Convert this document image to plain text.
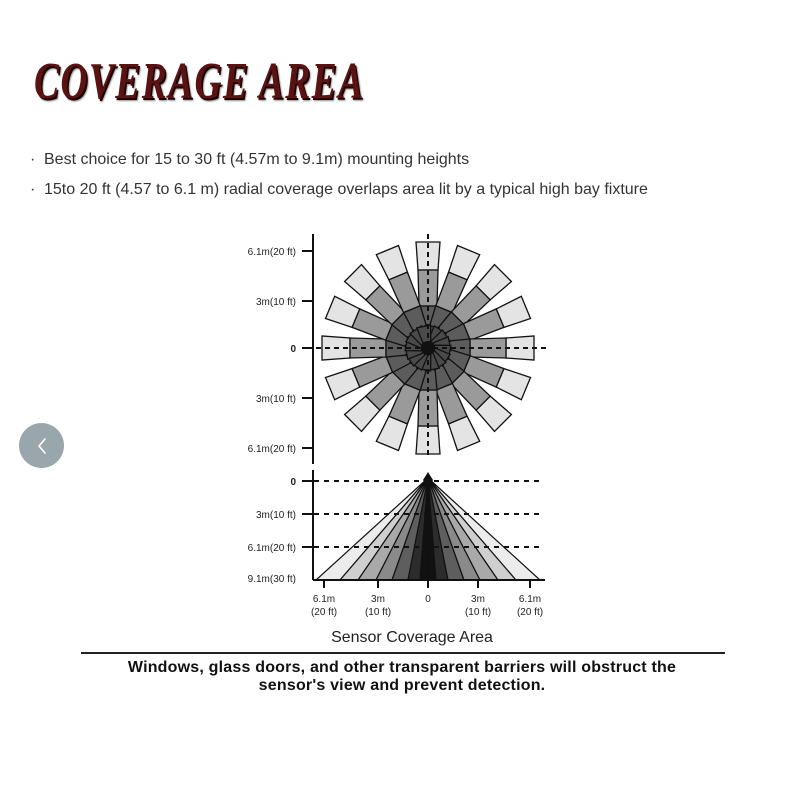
COVERAGE AREA
· Best choice for 15 to 30 ft (4.57m to 9.1m) mounting heights
· 15to 20 ft (4.57 to 6.1 m) radial coverage overlaps area lit by a typical high bay fixture
6.1m(20 ft)
3m(10 ft)
0
3m(10 ft)
6.1m(20 ft)
0
3m(10 ft)
6.1m(20 ft)
9.1m(30 ft)
6.1m
(20 ft)
3m
(10 ft)
0	3m
(10 ft)
6.1m
(20 ft)
Sensor Coverage Area
Windows, glass doors, and other transparent barriers will obstruct the
sensor's view and prevent detection.
